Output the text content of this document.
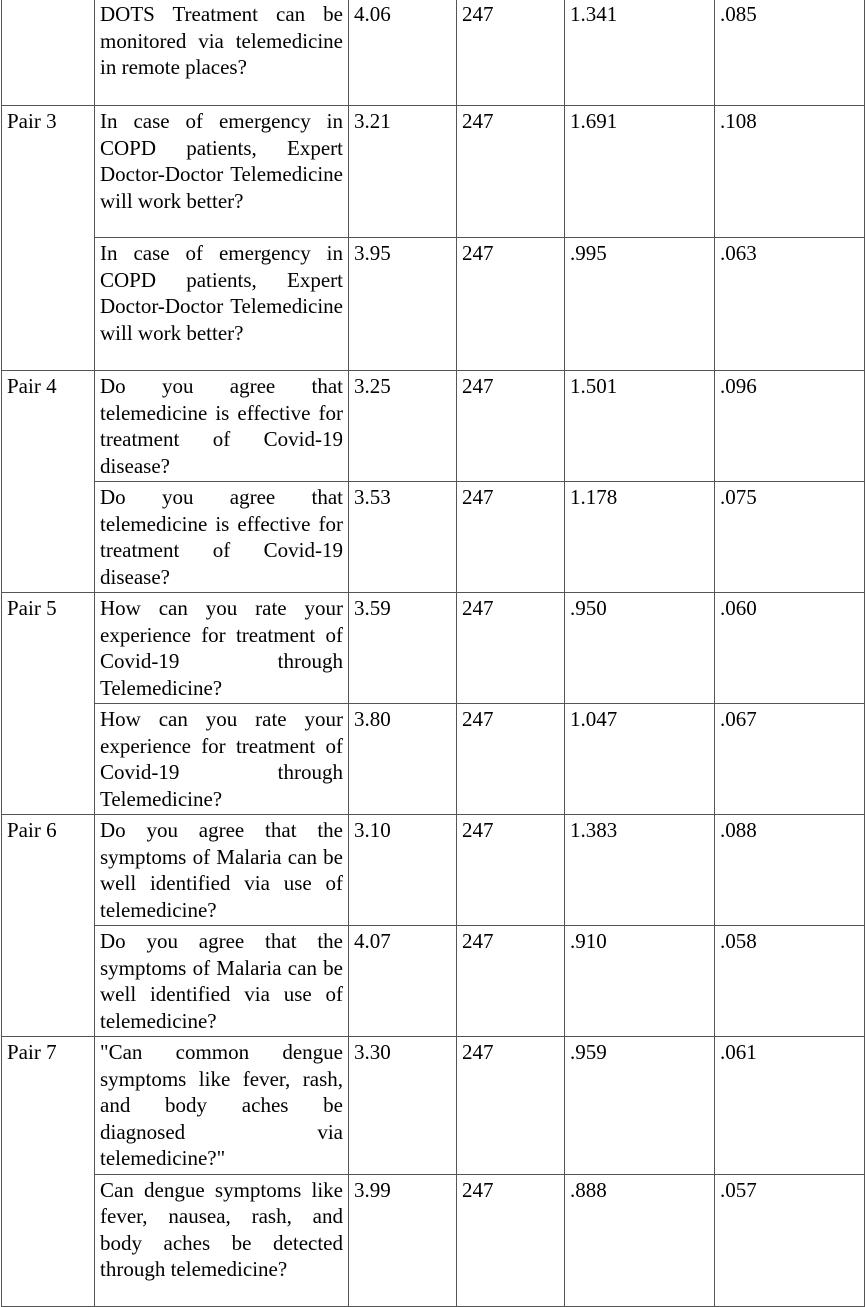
	DOTS Treatment can be monitored via telemedicine in remote places?	4.06	247	1.341	.085
Pair 3	In case of emergency in COPD patients, Expert Doctor-Doctor Telemedicine will work better?	3.21	247	1.691	.108
	In case of emergency in COPD patients, Expert Doctor-Doctor Telemedicine will work better?	3.95	247	.995	.063
Pair 4	Do you agree that telemedicine is effective for treatment of Covid-19 disease?	3.25	247	1.501	.096
	Do you agree that telemedicine is effective for treatment of Covid-19 disease?	3.53	247	1.178	.075
Pair 5	How can you rate your experience for treatment of Covid-19 through Telemedicine?	3.59	247	.950	.060
	How can you rate your experience for treatment of Covid-19 through Telemedicine?	3.80	247	1.047	.067
Pair 6	Do you agree that the symptoms of Malaria can be well identified via use of telemedicine?	3.10	247	1.383	.088
	Do you agree that the symptoms of Malaria can be well identified via use of telemedicine?	4.07	247	.910	.058
Pair 7	"Can common dengue symptoms like fever, rash, and body aches be diagnosed via telemedicine?"	3.30	247	.959	.061
	Can dengue symptoms like fever, nausea, rash, and body aches be detected through telemedicine?	3.99	247	.888	.057
